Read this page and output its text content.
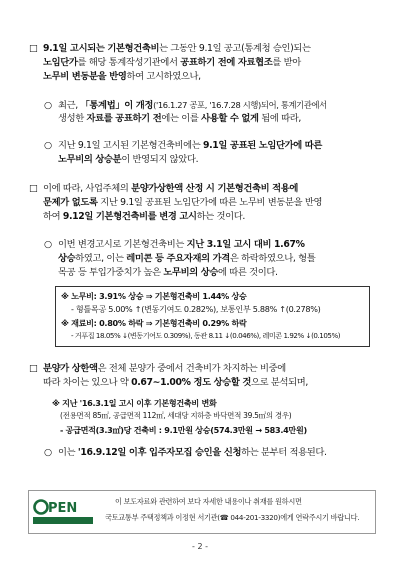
□ 9.1일 고시되는 기본형건축비는 그동안 9.1일 공고(통계청 승인)되는
노임단가를 해당 통계작성기관에서 공표하기 전에 자료협조를 받아
노무비 변동분을 반영하여 고시하였으나,
○ 최근, 「통계법」이 개정('16.1.27 공포, '16.7.28 시행)되어, 통계기관에서
생성한 자료를 공표하기 전에는 이를 사용할 수 없게 됨에 따라,
○ 지난 9.1일 고시된 기본형건축비에는 9.1일 공표된 노임단가에 따른
노무비의 상승분이 반영되지 않았다.
□ 이에 따라, 사업주체의 분양가상한액 산정 시 기본형건축비 적용에
문제가 없도록 지난 9.1일 공표된 노임단가에 따른 노무비 변동분을 반영
하여 9.12일 기본형건축비를 변경 고시하는 것이다.
○ 이번 변경고시로 기본형건축비는 지난 3.1일 고시 대비 1.67%
상승하였고, 이는 레미콘 등 주요자재의 가격은 하락하였으나, 형틀
목공 등 투입가중치가 높은 노무비의 상승에 따른 것이다.
※ 노무비: 3.91% 상승 ⇒ 기본형건축비 1.44% 상승
- 형틀목공 5.00% ↑(변동기여도 0.282%), 보통인부 5.88% ↑(0.278%)
※ 재료비: 0.80% 하락 ⇒ 기본형건축비 0.29% 하락
- 거푸집 18.05% ↓(변동기여도 0.309%), 동관 8.11 ↓(0.046%), 레미콘 1.92% ↓(0.105%)
□ 분양가 상한액은 전체 분양가 중에서 건축비가 차지하는 비중에
따라 차이는 있으나 약 0.67∼1.00% 정도 상승할 것으로 분석되며,
※ 지난 '16.3.1일 고시 이후 기본형건축비 변화
(전용면적 85㎡, 공급면적 112㎡, 세대당 지하층 바닥면적 39.5㎡의 경우)
- 공급면적(3.3㎡)당 건축비 : 9.1만원 상승(574.3만원 → 583.4만원)
○ 이는 '16.9.12일 이후 입주자모집 승인을 신청하는 분부터 적용된다.
PEN	이 보도자료와 관련하여 보다 자세한 내용이나 취재를 원하시면
국토교통부 주택정책과 이정현 서기관(☎ 044-201-3320)에게 연락주시기 바랍니다.
- 2 -
